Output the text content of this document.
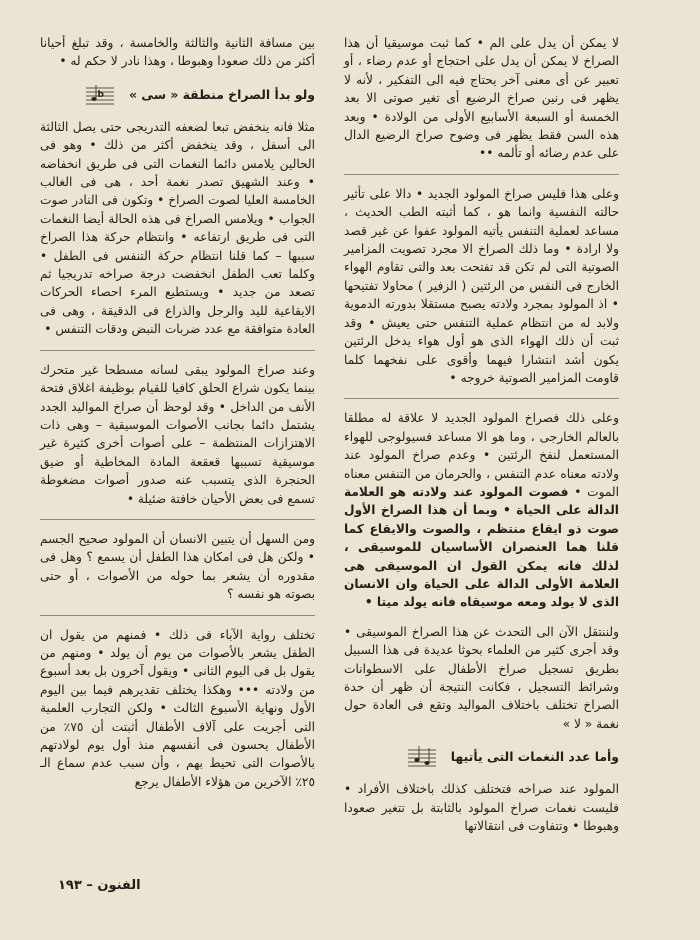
لا يمكن أن يدل على الم • كما ثبت موسيقيا أن هذا الصراخ لا يمكن أن يدل على احتجاج أو عدم رضاء ، أو تعبير عن أى معنى آخر يحتاج فيه الى التفكير ، لأنه لا يظهر فى رنين صراخ الرضيع أى تغير صوتى الا بعد الخمسة أو السبعة الأسابيع الأولى من الولادة • وبعد هذه السن فقط يظهر فى وضوح صراخ الرضيع الدال على عدم رضائه أو تألمه ••

وعلى هذا فليس صراخ المولود الجديد • دالا على تأثير حالته النفسية وانما هو ، كما أثبته الطب الحديث ، مساعد لعملية التنفس يأتيه المولود عفوا عن غير قصد ولا ارادة • وما ذلك الصراخ الا مجرد تصويت المزامير الصوتية التى لم تكن قد تفتحت بعد والتى تقاوم الهواء الخارج فى النفس من الرئتين ( الزفير ) محاولا تفتيحها • اذ المولود بمجرد ولادته يصبح مستقلا بدورته الدموية ولابد له من انتظام عملية التنفس حتى يعيش • وقد ثبت أن ذلك الهواء الذى هو أول هواء يدخل الرئتين يكون أشد انتشارا فيهما وأقوى على نفخهما كلما قاومت المزامير الصوتية خروجه •

وعلى ذلك فصراخ المولود الجديد لا علاقة له مطلقا بالعالم الخارجى ، وما هو الا مساعد فسيولوجى للهواء المستعمل لنفخ الرئتين • وعدم صراخ المولود عند ولادته معناه عدم التنفس ، والحرمان من التنفس معناه الموت • فصوت المولود عند ولادته هو العلامة الدالة على الحياة • وبما أن هذا الصراخ الأول صوت ذو ايقاع منتظم ، والصوت والايقاع كما قلنا هما العنصران الأساسيان للموسيقى ، لذلك فانه يمكن القول ان الموسيقى هى العلامة الأولى الدالة على الحياة وان الانسان الذى لا يولد ومعه موسيقاه فانه يولد ميتا •

ولننتقل الآن الى التحدث عن هذا الصراخ الموسيقى • وقد أجرى كثير من العلماء بحوثا عديدة فى هذا السبيل بطريق تسجيل صراخ الأطفال على الاسطوانات وشرائط التسجيل ، فكانت النتيجة أن ظهر أن حدة الصراخ تختلف باختلاف المواليد وتقع فى العادة حول نغمة « لا »

وأما عدد النغمات التى يأتيها

المولود عند صراخه فتختلف كذلك باختلاف الأفراد • فليست نغمات صراخ المولود بالثابتة بل تتغير صعودا وهبوطا • وتتفاوت فى انتقالاتها

بين مسافة الثانية والثالثة والخامسة ، وقد تبلغ أحيانا أكثر من ذلك صعودا وهبوطا ، وهذا نادر لا حكم له •

ولو بدأ الصراخ منطقة « سى »
b

مثلا فانه ينخفض تبعا لضعفه التدريجى حتى يصل الثالثة الى أسفل ، وقد ينخفض أكثر من ذلك • وهو فى الحالين يلامس دائما النغمات التى فى طريق انخفاضه • وعند الشهيق تصدر نغمة أحد ، هى فى الغالب الخامسة العليا لصوت الصراخ • وتكون فى النادر صوت الجواب • ويلامس الصراخ فى هذه الحالة أيضا النغمات التى فى طريق ارتفاعه • وانتظام حركة هذا الصراخ سببها – كما قلنا انتظام حركة التنفس فى الطفل • وكلما تعب الطفل انخفضت درجة صراخه تدريجيا ثم تصعد من جديد • ويستطيع المرء احصاء الحركات الايقاعية لليد والرجل والذراع فى الدقيقة ، وهى فى العادة متوافقة مع عدد ضربات النبض ودقات التنفس •

وعند صراخ المولود يبقى لسانه مسطحا غير متحرك بينما يكون شراع الحلق كافيا للقيام بوظيفة اغلاق فتحة الأنف من الداخل • وقد لوحظ أن صراخ المواليد الجدد يشتمل دائما بجانب الأصوات الموسيقية – وهى ذات الاهتزازات المنتظمة – على أصوات أخرى كثيرة غير موسيقية تسببها قعقعة المادة المخاطية أو ضيق الحنجرة الذى يتسبب عنه صدور أصوات مضغوطة تسمع فى بعض الأحيان خافتة ضئيلة •

ومن السهل أن يتبين الانسان أن المولود صحيح الجسم • ولكن هل فى امكان هذا الطفل أن يسمع ؟ وهل فى مقدوره أن يشعر بما حوله من الأصوات ، أو حتى بصوته هو نفسه ؟

تختلف رواية الآباء فى ذلك • فمنهم من يقول ان الطفل يشعر بالأصوات من يوم أن يولد • ومنهم من يقول بل فى اليوم الثانى • ويقول آخرون بل بعد أسبوع من ولادته ••• وهكذا يختلف تقديرهم فيما بين اليوم الأول ونهاية الأسبوع الثالث • ولكن التجارب العلمية التى أجريت على آلاف الأطفال أثبتت أن ٧٥٪ من الأطفال يحسون فى أنفسهم منذ أول يوم لولادتهم بالأصوات التى تحيط بهم ، وأن سبب عدم سماع الـ ٢٥٪ الآخرين من هؤلاء الأطفال يرجع

الفنون – ١٩٣
